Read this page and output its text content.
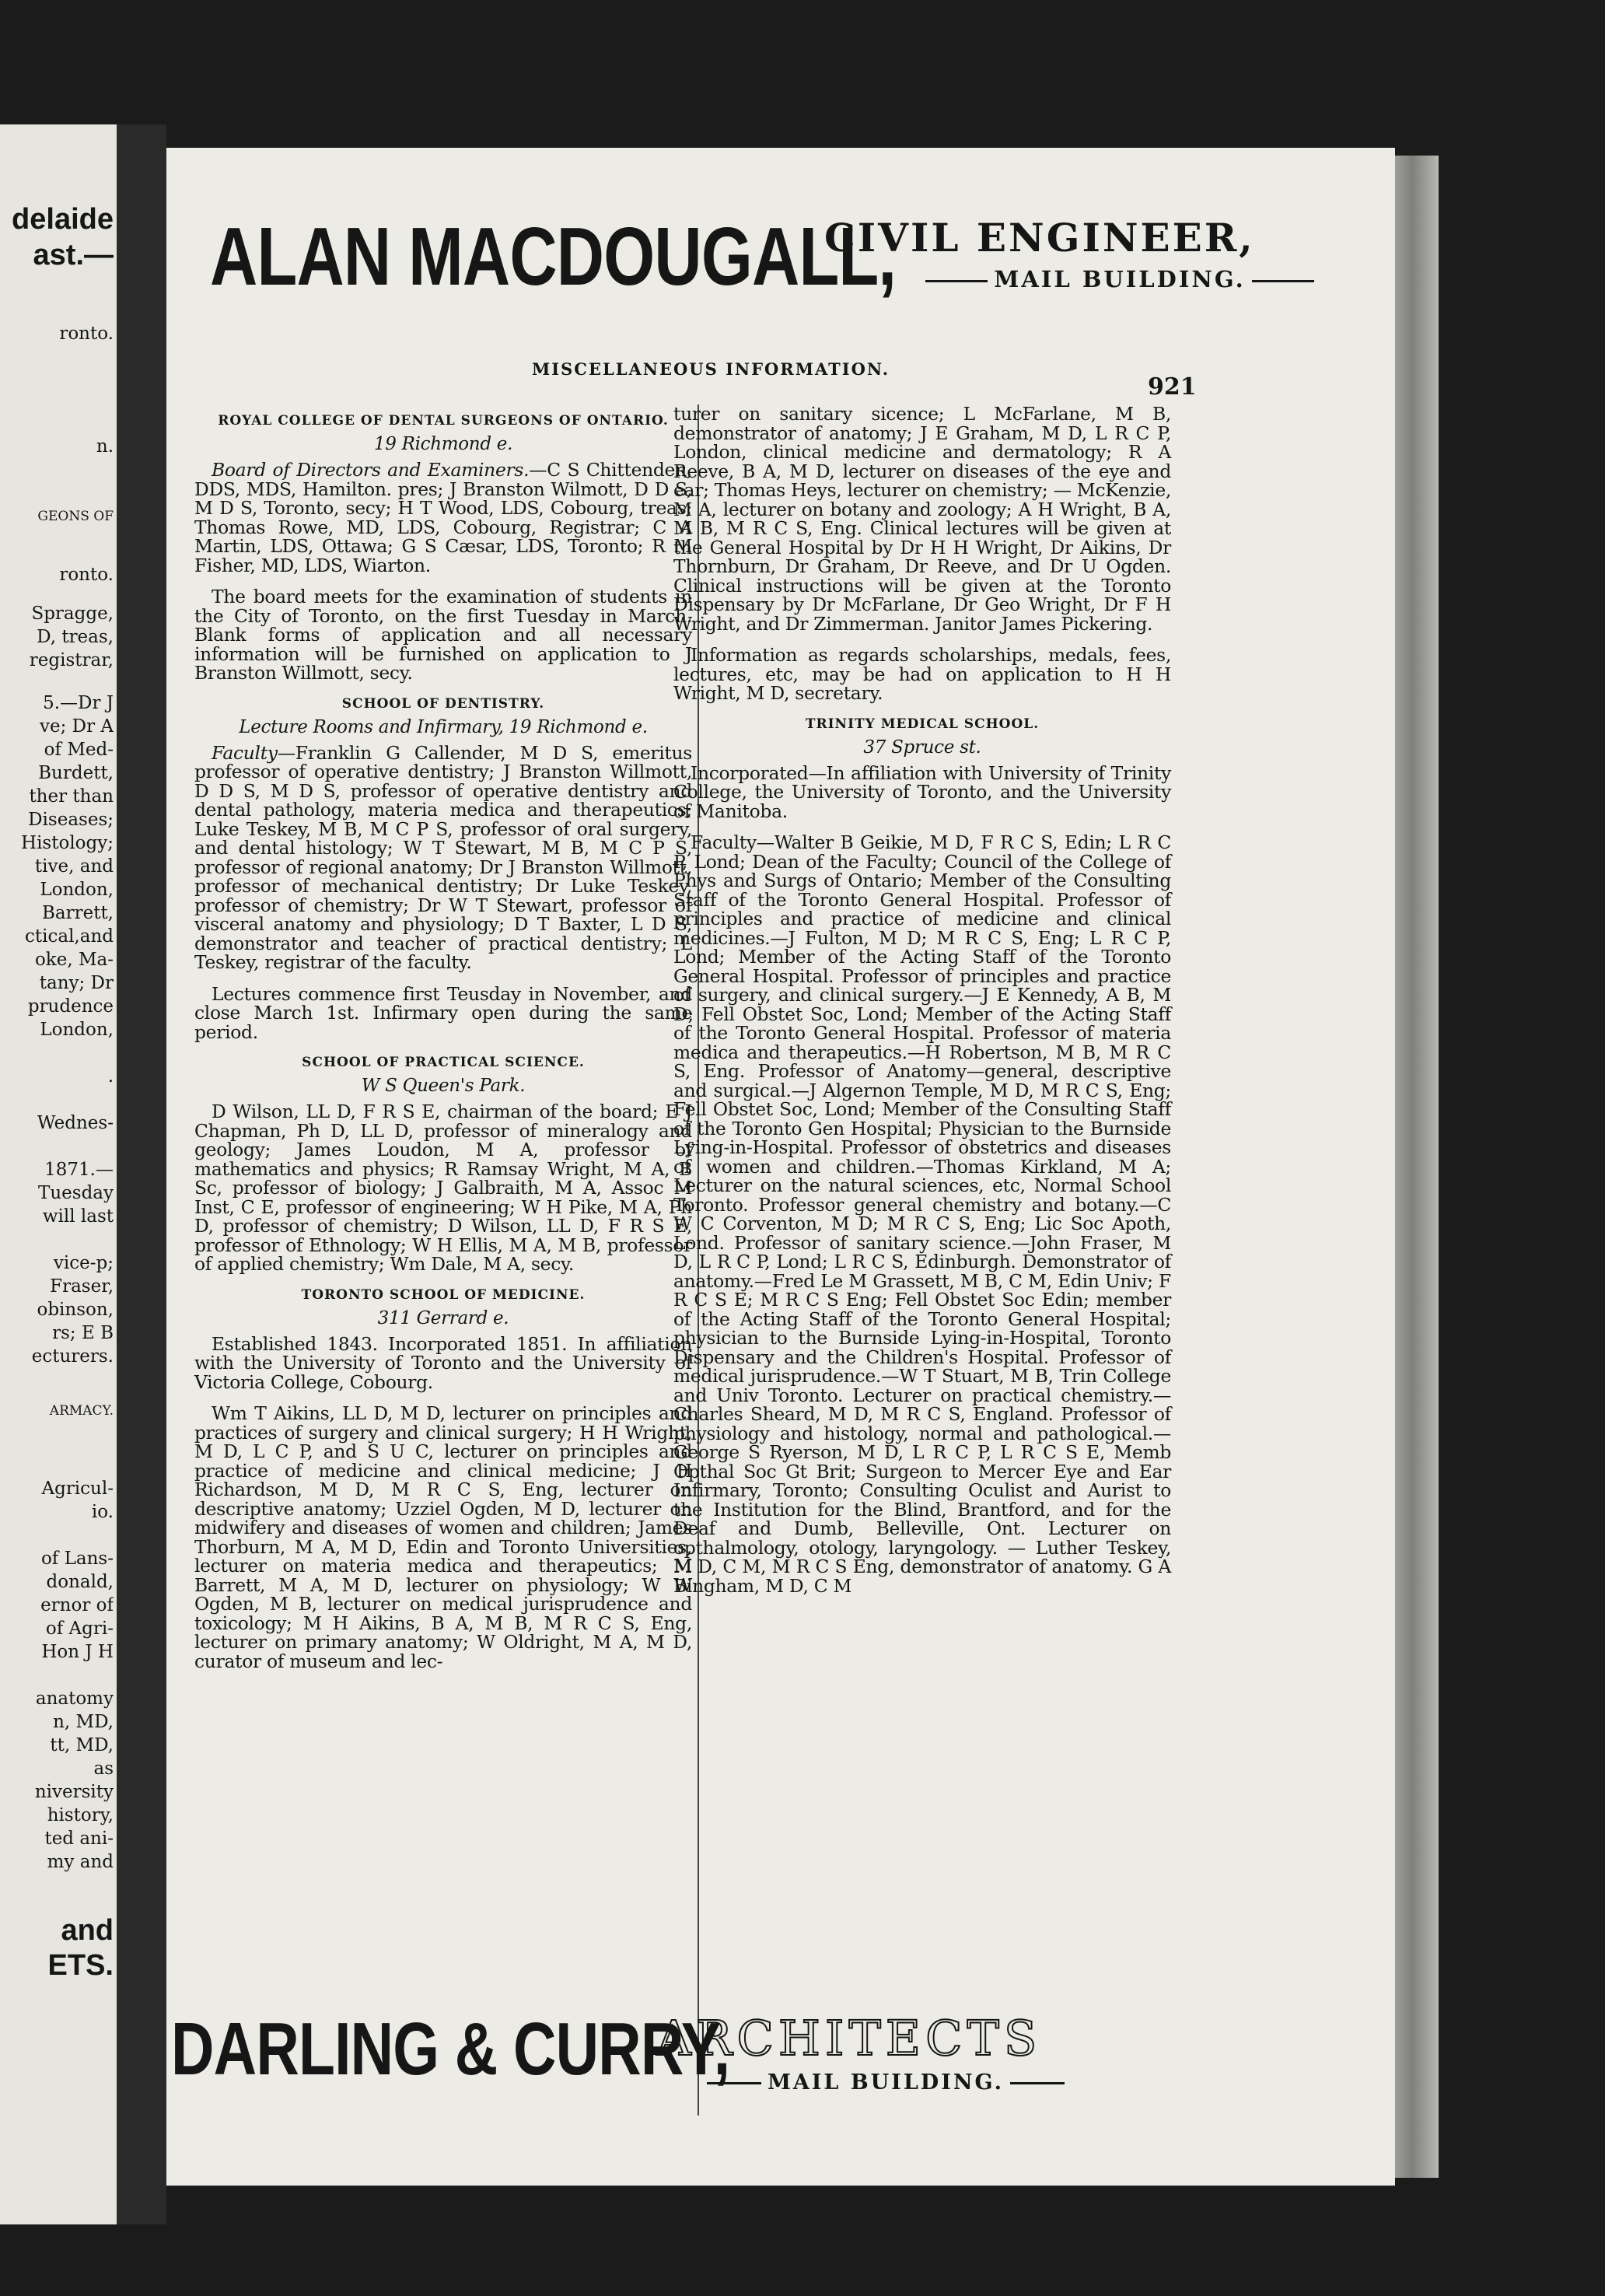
delaide
ast.—
ronto.
n.
GEONS OF
ronto.
Spragge,
D, treas,
registrar,
5.—Dr J
ve; Dr A
of Med-
Burdett,
ther than
Diseases;
Histology;
tive, and
London,
Barrett,
ctical,and
oke, Ma-
tany; Dr
prudence
London,
.
Wednes-
1871.—
Tuesday
will last
vice-p;
Fraser,
obinson,
rs; E B
ecturers.
ARMACY.
Agricul-
io.
of Lans-
donald,
ernor of
of Agri-
Hon J H
anatomy
n, MD,
tt, MD,
as
niversity
history,
ted ani-
my and
and
ETS.
ALAN MACDOUGALL,
CIVIL ENGINEER,
MAIL BUILDING.
MISCELLANEOUS INFORMATION.
921
ROYAL COLLEGE OF DENTAL SURGEONS OF ONTARIO.
19 Richmond e.

Board of Directors and Examiners.—C S Chittenden, DDS, MDS, Hamilton. pres; J Branston Wilmott, D D S, M D S, Toronto, secy; H T Wood, LDS, Cobourg, treas; Thomas Rowe, MD, LDS, Cobourg, Registrar; C A Martin, LDS, Ottawa; G S Cæsar, LDS, Toronto; R M Fisher, MD, LDS, Wiarton.

The board meets for the examination of students in the City of Toronto, on the first Tuesday in March. Blank forms of application and all necessary information will be furnished on application to J Branston Willmott, secy.

SCHOOL OF DENTISTRY.
Lecture Rooms and Infirmary, 19 Richmond e.

Faculty—Franklin G Callender, M D S, emeritus professor of operative dentistry; J Branston Willmott, D D S, M D S, professor of operative dentistry and dental pathology, materia medica and therapeutics; Luke Teskey, M B, M C P S, professor of oral surgery, and dental histology; W T Stewart, M B, M C P S, professor of regional anatomy; Dr J Branston Willmott, professor of mechanical dentistry; Dr Luke Teskey, professor of chemistry; Dr W T Stewart, professor of visceral anatomy and physiology; D T Baxter, L D S, demonstrator and teacher of practical dentistry; L Teskey, registrar of the faculty.

Lectures commence first Teusday in November, and close March 1st. Infirmary open during the same period.

SCHOOL OF PRACTICAL SCIENCE.
W S Queen's Park.

D Wilson, LL D, F R S E, chairman of the board; E J Chapman, Ph D, LL D, professor of mineralogy and geology; James Loudon, M A, professor of mathematics and physics; R Ramsay Wright, M A, B Sc, professor of biology; J Galbraith, M A, Assoc M Inst, C E, professor of engineering; W H Pike, M A, Ph D, professor of chemistry; D Wilson, LL D, F R S E, professor of Ethnology; W H Ellis, M A, M B, professor of applied chemistry; Wm Dale, M A, secy.

TORONTO SCHOOL OF MEDICINE.
311 Gerrard e.

Established 1843. Incorporated 1851. In affiliation with the University of Toronto and the University of Victoria College, Cobourg.

Wm T Aikins, LL D, M D, lecturer on principles and practices of surgery and clinical surgery; H H Wright, M D, L C P, and S U C, lecturer on principles and practice of medicine and clinical medicine; J H Richardson, M D, M R C S, Eng, lecturer on descriptive anatomy; Uzziel Ogden, M D, lecturer on midwifery and diseases of women and children; James Thorburn, M A, M D, Edin and Toronto Universities, lecturer on materia medica and therapeutics; M Barrett, M A, M D, lecturer on physiology; W W Ogden, M B, lecturer on medical jurisprudence and toxicology; M H Aikins, B A, M B, M R C S, Eng, lecturer on primary anatomy; W Oldright, M A, M D, curator of museum and lec-

turer on sanitary sicence; L McFarlane, M B, demonstrator of anatomy; J E Graham, M D, L R C P, London, clinical medicine and dermatology; R A Reeve, B A, M D, lecturer on diseases of the eye and ear; Thomas Heys, lecturer on chemistry; — McKenzie, M A, lecturer on botany and zoology; A H Wright, B A, M B, M R C S, Eng. Clinical lectures will be given at the General Hospital by Dr H H Wright, Dr Aikins, Dr Thornburn, Dr Graham, Dr Reeve, and Dr U Ogden. Clinical instructions will be given at the Toronto Dispensary by Dr McFarlane, Dr Geo Wright, Dr F H Wright, and Dr Zimmerman. Janitor James Pickering.

Information as regards scholarships, medals, fees, lectures, etc, may be had on application to H H Wright, M D, secretary.

TRINITY MEDICAL SCHOOL.
37 Spruce st.

Incorporated—In affiliation with University of Trinity College, the University of Toronto, and the University of Manitoba.

Faculty—Walter B Geikie, M D, F R C S, Edin; L R C P, Lond; Dean of the Faculty; Council of the College of Phys and Surgs of Ontario; Member of the Consulting Staff of the Toronto General Hospital. Professor of principles and practice of medicine and clinical medicines.—J Fulton, M D; M R C S, Eng; L R C P, Lond; Member of the Acting Staff of the Toronto General Hospital. Professor of principles and practice of surgery, and clinical surgery.—J E Kennedy, A B, M D; Fell Obstet Soc, Lond; Member of the Acting Staff of the Toronto General Hospital. Professor of materia medica and therapeutics.—H Robertson, M B, M R C S, Eng. Professor of Anatomy—general, descriptive and surgical.—J Algernon Temple, M D, M R C S, Eng; Fell Obstet Soc, Lond; Member of the Consulting Staff of the Toronto Gen Hospital; Physician to the Burnside Lying-in-Hospital. Professor of obstetrics and diseases of women and children.—Thomas Kirkland, M A; Lecturer on the natural sciences, etc, Normal School Toronto. Professor general chemistry and botany.—C W C Corventon, M D; M R C S, Eng; Lic Soc Apoth, Lond. Professor of sanitary science.—John Fraser, M D, L R C P, Lond; L R C S, Edinburgh. Demonstrator of anatomy.—Fred Le M Grassett, M B, C M, Edin Univ; F R C S E; M R C S Eng; Fell Obstet Soc Edin; member of the Acting Staff of the Toronto General Hospital; physician to the Burnside Lying-in-Hospital, Toronto Dispensary and the Children's Hospital. Professor of medical jurisprudence.—W T Stuart, M B, Trin College and Univ Toronto. Lecturer on practical chemistry.—Charles Sheard, M D, M R C S, England. Professor of physiology and histology, normal and pathological.—George S Ryerson, M D, L R C P, L R C S E, Memb Opthal Soc Gt Brit; Surgeon to Mercer Eye and Ear Infirmary, Toronto; Consulting Oculist and Aurist to the Institution for the Blind, Brantford, and for the Deaf and Dumb, Belleville, Ont. Lecturer on opthalmology, otology, laryngology. — Luther Teskey, M D, C M, M R C S Eng, demonstrator of anatomy. G A Bingham, M D, C M

DARLING & CURRY,
ARCHITECTS
MAIL BUILDING.
